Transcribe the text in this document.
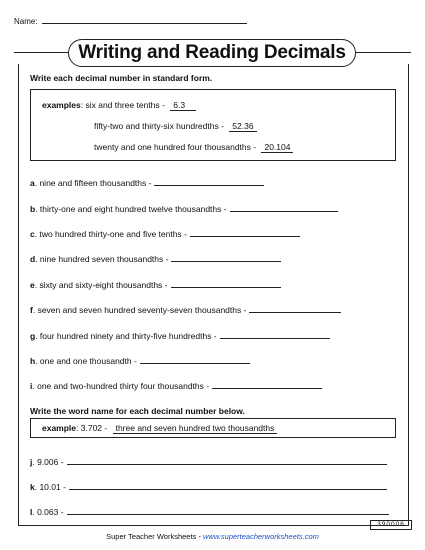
Name:
Writing and Reading Decimals
Write each decimal number in standard form.
examples: six and three tenths - 6.3
fifty-two and thirty-six hundredths - 52.36
twenty and one hundred four thousandths - 20.104
a. nine and fifteen thousandths -
b. thirty-one and eight hundred twelve thousandths -
c. two hundred thirty-one and five tenths -
d. nine hundred seven thousandths -
e. sixty and sixty-eight thousandths -
f. seven and seven hundred seventy-seven thousandths -
g. four hundred ninety and thirty-five hundredths -
h. one and one thousandth -
i. one and two-hundred thirty four thousandths -
Write the word name for each decimal number below.
example: 3.702 - three and seven hundred two thousandths
j. 9.006 -
k. 10.01 -
l. 0.063 -
390006
Super Teacher Worksheets - www.superteacherworksheets.com
